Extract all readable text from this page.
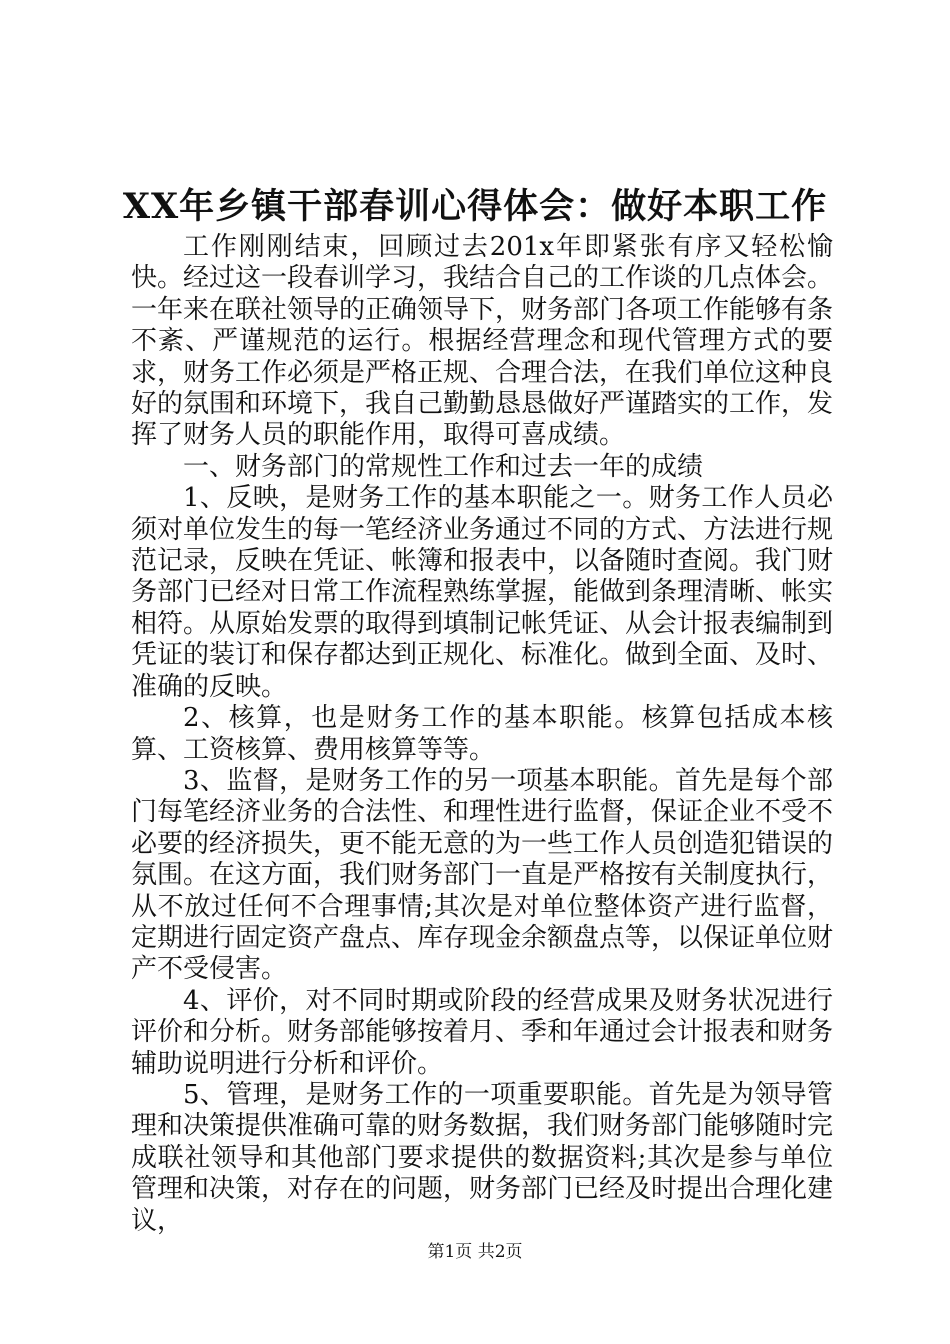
XX年乡镇干部春训心得体会：做好本职工作

工作刚刚结束，回顾过去201x年即紧张有序又轻松愉快。经过这一段春训学习，我结合自己的工作谈的几点体会。一年来在联社领导的正确领导下，财务部门各项工作能够有条不紊、严谨规范的运行。根据经营理念和现代管理方式的要求，财务工作必须是严格正规、合理合法，在我们单位这种良好的氛围和环境下，我自己勤勤恳恳做好严谨踏实的工作，发挥了财务人员的职能作用，取得可喜成绩。

一、财务部门的常规性工作和过去一年的成绩

1、反映，是财务工作的基本职能之一。财务工作人员必须对单位发生的每一笔经济业务通过不同的方式、方法进行规范记录，反映在凭证、帐簿和报表中，以备随时查阅。我门财务部门已经对日常工作流程熟练掌握，能做到条理清晰、帐实相符。从原始发票的取得到填制记帐凭证、从会计报表编制到凭证的装订和保存都达到正规化、标准化。做到全面、及时、准确的反映。

2、核算，也是财务工作的基本职能。核算包括成本核算、工资核算、费用核算等等。

3、监督，是财务工作的另一项基本职能。首先是每个部门每笔经济业务的合法性、和理性进行监督，保证企业不受不必要的经济损失，更不能无意的为一些工作人员创造犯错误的氛围。在这方面，我们财务部门一直是严格按有关制度执行，从不放过任何不合理事情;其次是对单位整体资产进行监督，定期进行固定资产盘点、库存现金余额盘点等，以保证单位财产不受侵害。

4、评价，对不同时期或阶段的经营成果及财务状况进行评价和分析。财务部能够按着月、季和年通过会计报表和财务辅助说明进行分析和评价。

5、管理，是财务工作的一项重要职能。首先是为领导管理和决策提供准确可靠的财务数据，我们财务部门能够随时完成联社领导和其他部门要求提供的数据资料;其次是参与单位管理和决策，对存在的问题，财务部门已经及时提出合理化建议，

第1页 共2页
